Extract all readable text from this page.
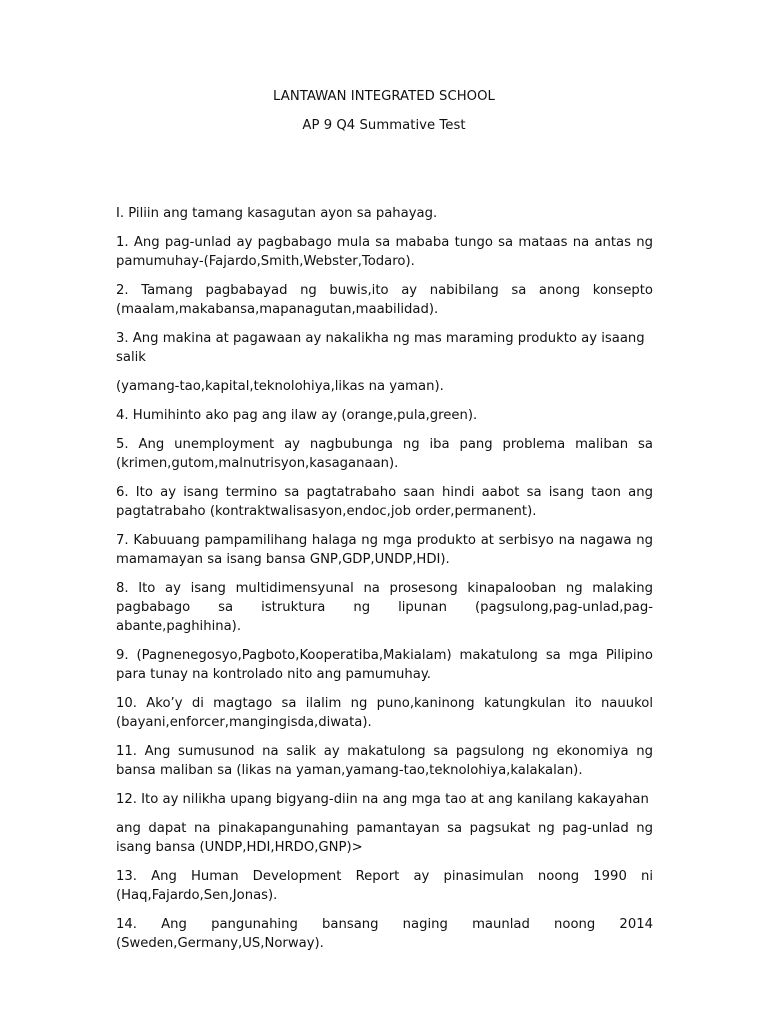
LANTAWAN INTEGRATED SCHOOL
AP 9 Q4 Summative Test

I. Piliin ang tamang kasagutan ayon sa pahayag.

1. Ang pag-unlad ay pagbabago mula sa mababa tungo sa mataas na antas ng pamumuhay-(Fajardo,Smith,Webster,Todaro).

2. Tamang pagbabayad ng buwis,ito ay nabibilang sa anong konsepto (maalam,makabansa,mapanagutan,maabilidad).

3. Ang makina at pagawaan ay nakalikha ng mas maraming produkto ay isaang salik

(yamang-tao,kapital,teknolohiya,likas na yaman).

4. Humihinto ako pag ang ilaw ay (orange,pula,green).

5. Ang unemployment ay nagbubunga ng iba pang problema maliban sa (krimen,gutom,malnutrisyon,kasaganaan).

6. Ito ay isang termino sa pagtatrabaho saan hindi aabot sa isang taon ang pagtatrabaho (kontraktwalisasyon,endoc,job order,permanent).

7. Kabuuang pampamilihang halaga ng mga produkto at serbisyo na nagawa ng mamamayan sa isang bansa GNP,GDP,UNDP,HDI).

8. Ito ay isang multidimensyunal na prosesong kinapalooban ng malaking pagbabago sa istruktura ng lipunan (pagsulong,pag-unlad,pag-abante,paghihina).

9. (Pagnenegosyo,Pagboto,Kooperatiba,Makialam) makatulong sa mga Pilipino para tunay na kontrolado nito ang pamumuhay.

10. Ako’y di magtago sa ilalim ng puno,kaninong katungkulan ito nauukol (bayani,enforcer,mangingisda,diwata).

11. Ang sumusunod na salik ay makatulong sa pagsulong ng ekonomiya ng bansa maliban sa (likas na yaman,yamang-tao,teknolohiya,kalakalan).

12. Ito ay nilikha upang bigyang-diin na ang mga tao at ang kanilang kakayahan

ang dapat na pinakapangunahing pamantayan sa pagsukat ng pag-unlad ng isang bansa (UNDP,HDI,HRDO,GNP)>

13. Ang Human Development Report ay pinasimulan noong 1990 ni (Haq,Fajardo,Sen,Jonas).

14. Ang pangunahing bansang naging maunlad noong 2014 (Sweden,Germany,US,Norway).
